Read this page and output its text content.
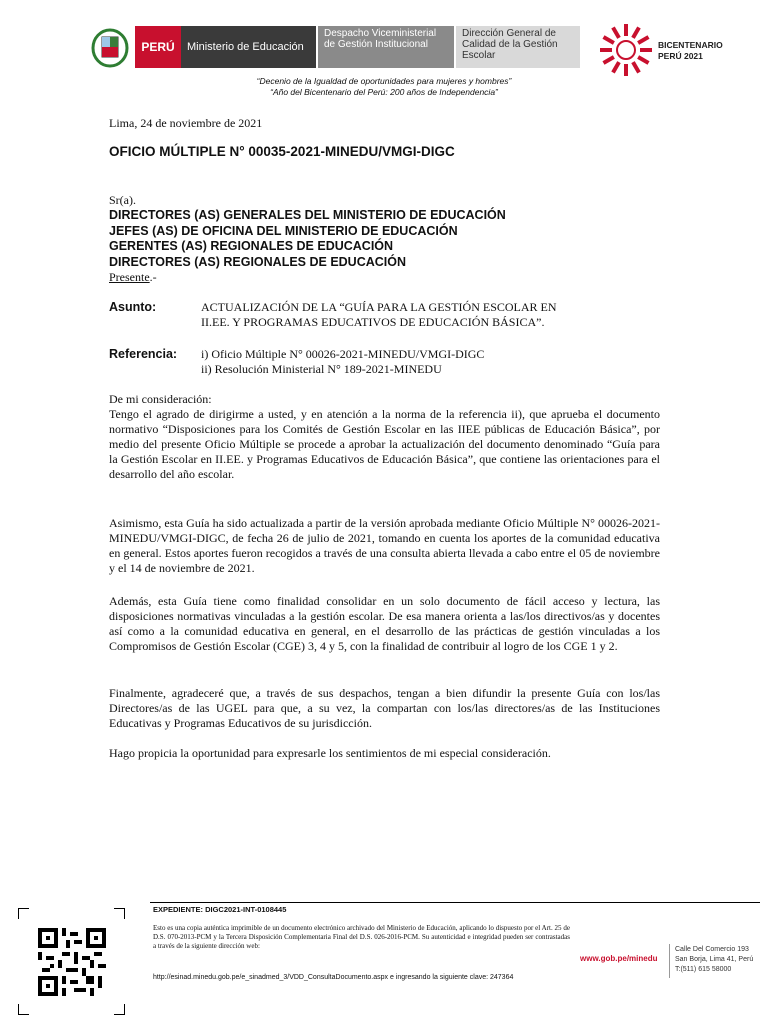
PERÚ	Ministerio de Educación
Despacho Viceministerial de Gestión Institucional
Dirección General de Calidad de la Gestión Escolar
BICENTENARIO
PERÚ 2021
“Decenio de la Igualdad de oportunidades para mujeres y hombres”
“Año del Bicentenario del Perú: 200 años de Independencia”
Lima, 24 de noviembre de 2021
OFICIO MÚLTIPLE N° 00035-2021-MINEDU/VMGI-DIGC
Sr(a).
DIRECTORES (AS) GENERALES DEL MINISTERIO DE EDUCACIÓN
JEFES (AS) DE OFICINA DEL MINISTERIO DE EDUCACIÓN
GERENTES (AS) REGIONALES DE EDUCACIÓN
DIRECTORES (AS) REGIONALES DE EDUCACIÓN
Presente.-
Asunto:	ACTUALIZACIÓN DE LA “GUÍA PARA LA GESTIÓN ESCOLAR EN
II.EE. Y PROGRAMAS EDUCATIVOS DE EDUCACIÓN BÁSICA”.
Referencia: i) Oficio Múltiple N° 00026-2021-MINEDU/VMGI-DIGC
ii) Resolución Ministerial N° 189-2021-MINEDU
De mi consideración:
Tengo el agrado de dirigirme a usted, y en atención a la norma de la referencia ii), que aprueba el documento normativo “Disposiciones para los Comités de Gestión Escolar en las IIEE públicas de Educación Básica”, por medio del presente Oficio Múltiple se procede a aprobar la actualización del documento denominado “Guía para la Gestión Escolar en II.EE. y Programas Educativos de Educación Básica”, que contiene las orientaciones para el desarrollo del año escolar.
Asimismo, esta Guía ha sido actualizada a partir de la versión aprobada mediante Oficio Múltiple N° 00026-2021-MINEDU/VMGI-DIGC, de fecha 26 de julio de 2021, tomando en cuenta los aportes de la comunidad educativa en general. Estos aportes fueron recogidos a través de una consulta abierta llevada a cabo entre el 05 de noviembre y el 14 de noviembre de 2021.
Además, esta Guía tiene como finalidad consolidar en un solo documento de fácil acceso y lectura, las disposiciones normativas vinculadas a la gestión escolar. De esa manera orienta a las/los directivos/as y docentes así como a la comunidad educativa en general, en el desarrollo de las prácticas de gestión vinculadas a los Compromisos de Gestión Escolar (CGE) 3, 4 y 5, con la finalidad de contribuir al logro de los CGE 1 y 2.
Finalmente, agradeceré que, a través de sus despachos, tengan a bien difundir la presente Guía con los/las Directores/as de las UGEL para que, a su vez, la compartan con los/las directores/as de las Instituciones Educativas y Programas Educativos de su jurisdicción.
Hago propicia la oportunidad para expresarle los sentimientos de mi especial consideración.
EXPEDIENTE: DIGC2021-INT-0108445
Esto es una copia auténtica imprimible de un documento electrónico archivado del Ministerio de Educación, aplicando lo dispuesto por el Art. 25 de D.S. 070-2013-PCM y la Tercera Disposición Complementaria Final del D.S. 026-2016-PCM. Su autenticidad e integridad pueden ser contrastadas a través de la siguiente dirección web:
http://esinad.minedu.gob.pe/e_sinadmed_3/VDD_ConsultaDocumento.aspx e ingresando la siguiente clave: 247364
www.gob.pe/minedu
Calle Del Comercio 193
San Borja, Lima 41, Perú
T:(511) 615 58000
